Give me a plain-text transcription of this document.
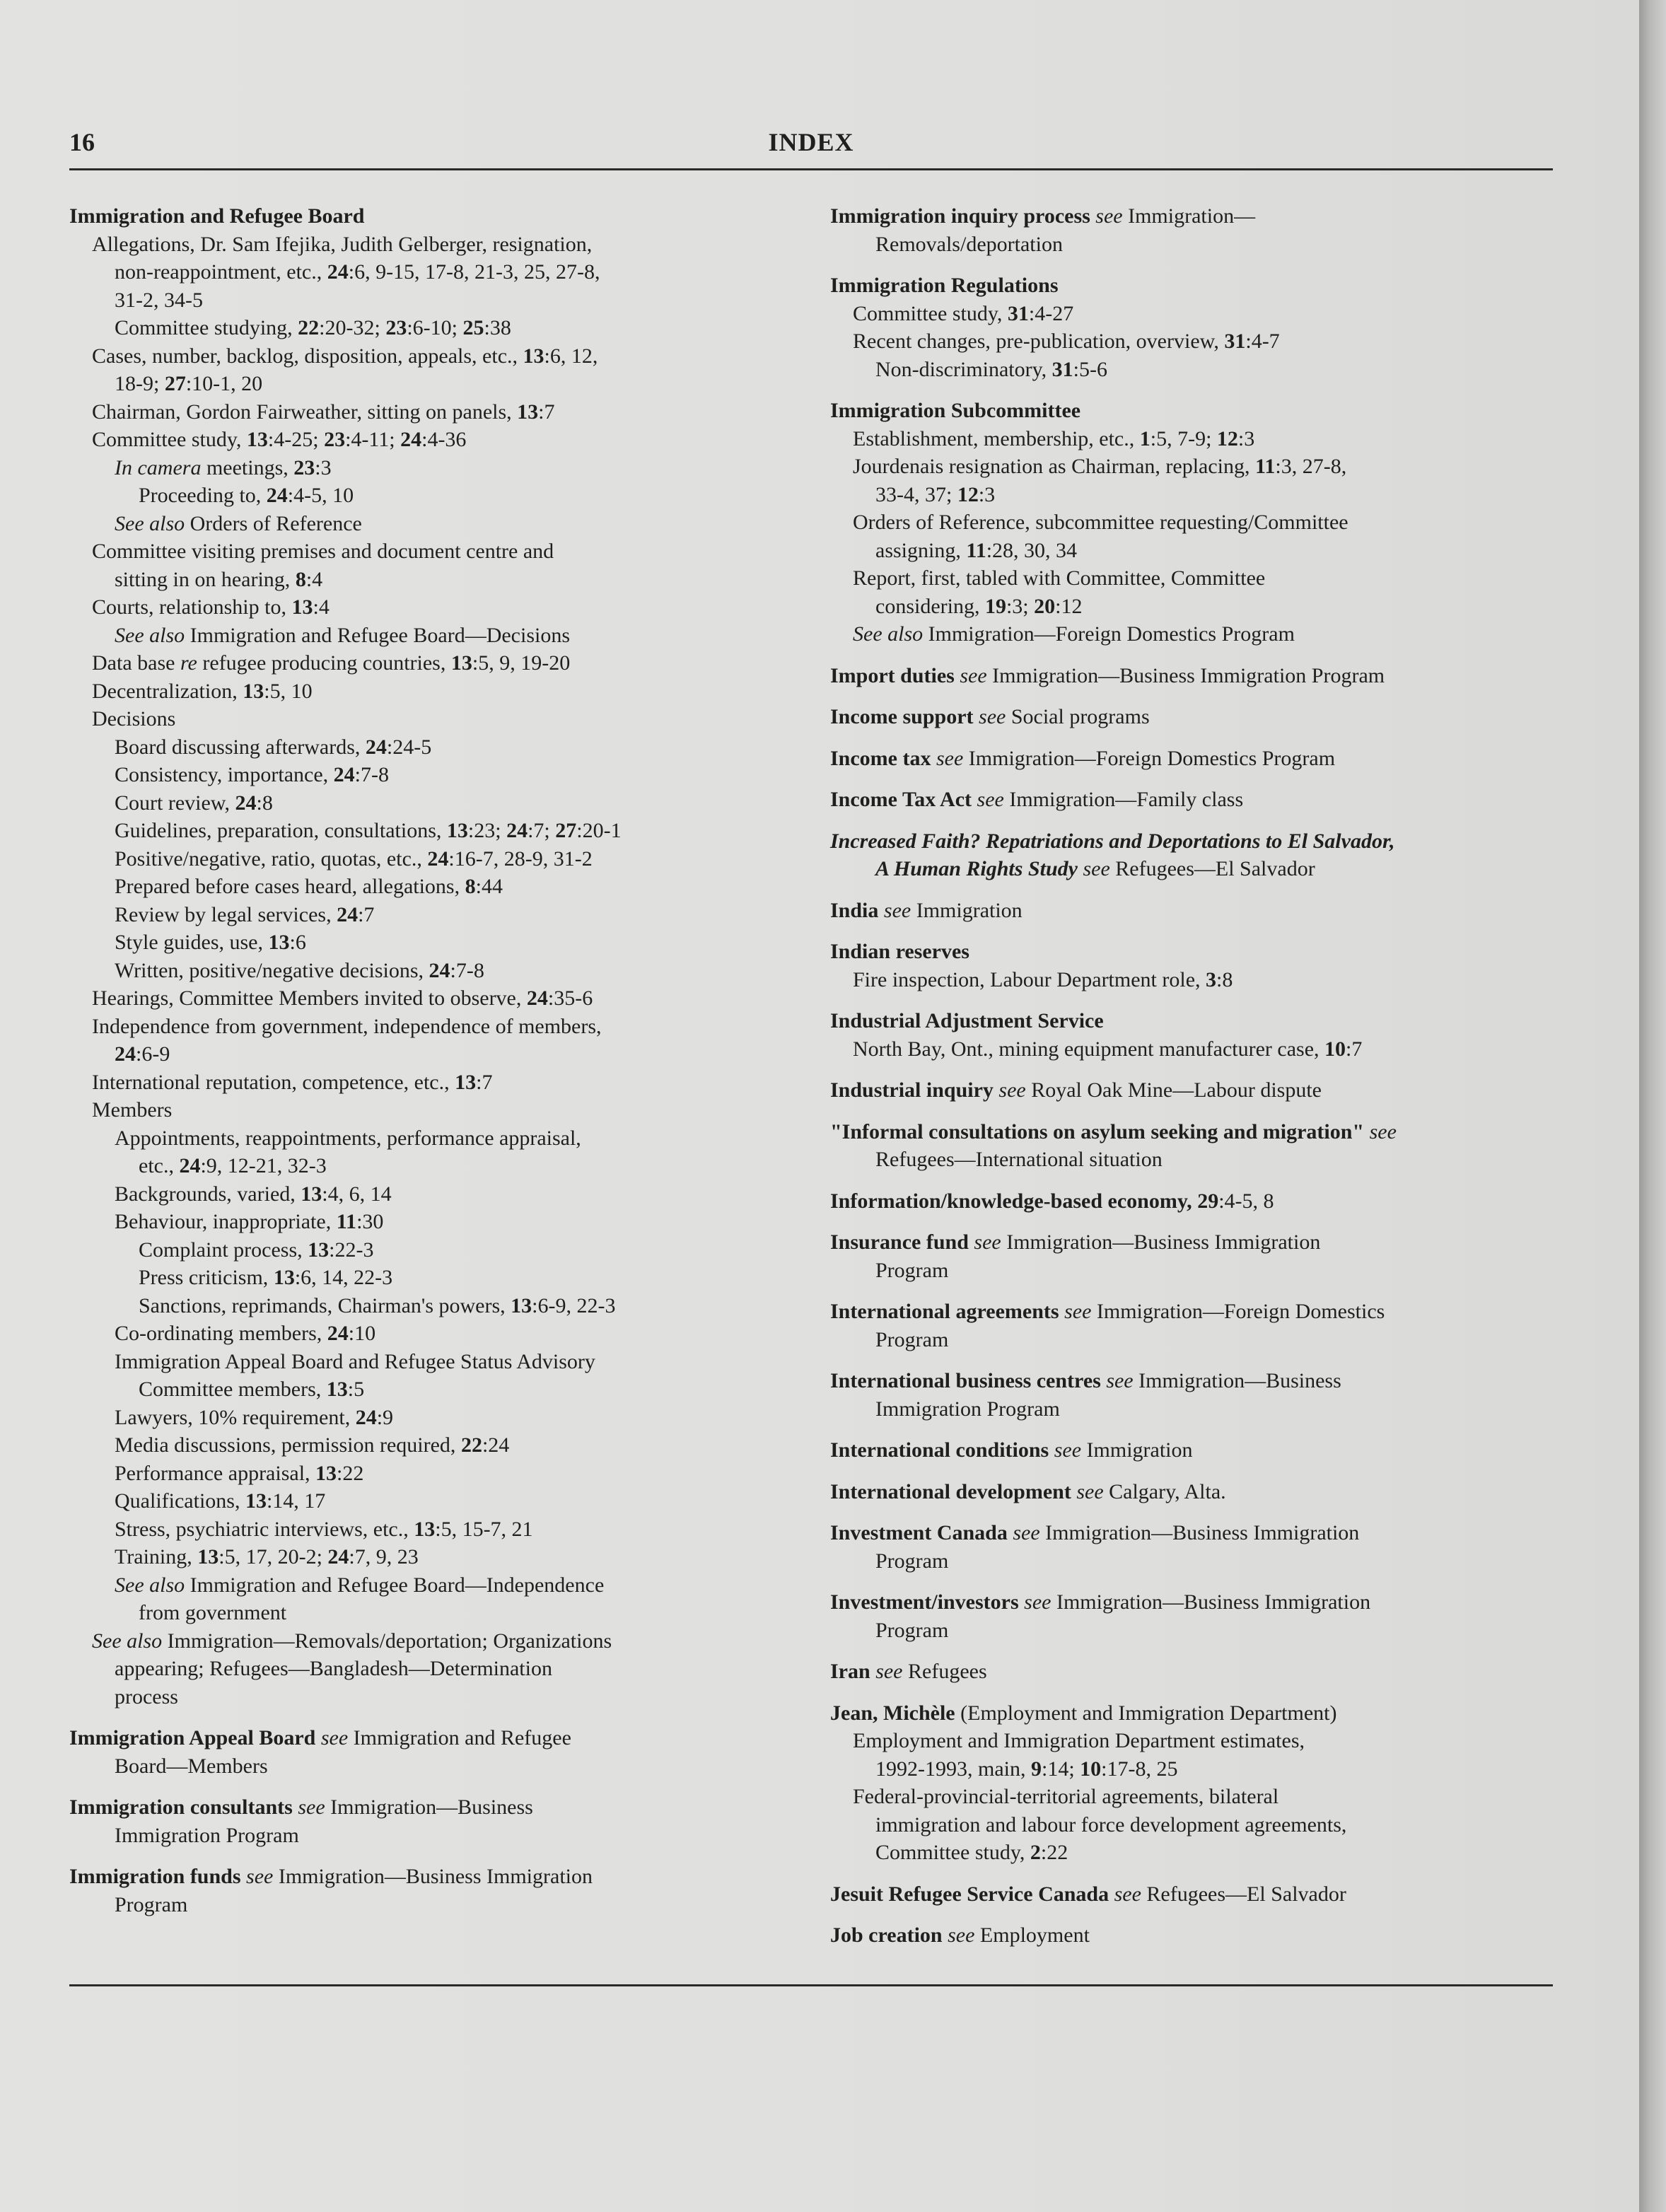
16	INDEX
Immigration and Refugee Board
Allegations, Dr. Sam Ifejika, Judith Gelberger, resignation,
non-reappointment, etc., 24:6, 9-15, 17-8, 21-3, 25, 27-8,
31-2, 34-5
Committee studying, 22:20-32; 23:6-10; 25:38
Cases, number, backlog, disposition, appeals, etc., 13:6, 12,
18-9; 27:10-1, 20
Chairman, Gordon Fairweather, sitting on panels, 13:7
Committee study, 13:4-25; 23:4-11; 24:4-36
In camera meetings, 23:3
Proceeding to, 24:4-5, 10
See also Orders of Reference
Committee visiting premises and document centre and
sitting in on hearing, 8:4
Courts, relationship to, 13:4
See also Immigration and Refugee Board—Decisions
Data base re refugee producing countries, 13:5, 9, 19-20
Decentralization, 13:5, 10
Decisions
Board discussing afterwards, 24:24-5
Consistency, importance, 24:7-8
Court review, 24:8
Guidelines, preparation, consultations, 13:23; 24:7; 27:20-1
Positive/negative, ratio, quotas, etc., 24:16-7, 28-9, 31-2
Prepared before cases heard, allegations, 8:44
Review by legal services, 24:7
Style guides, use, 13:6
Written, positive/negative decisions, 24:7-8
Hearings, Committee Members invited to observe, 24:35-6
Independence from government, independence of members,
24:6-9
International reputation, competence, etc., 13:7
Members
Appointments, reappointments, performance appraisal,
etc., 24:9, 12-21, 32-3
Backgrounds, varied, 13:4, 6, 14
Behaviour, inappropriate, 11:30
Complaint process, 13:22-3
Press criticism, 13:6, 14, 22-3
Sanctions, reprimands, Chairman's powers, 13:6-9, 22-3
Co-ordinating members, 24:10
Immigration Appeal Board and Refugee Status Advisory
Committee members, 13:5
Lawyers, 10% requirement, 24:9
Media discussions, permission required, 22:24
Performance appraisal, 13:22
Qualifications, 13:14, 17
Stress, psychiatric interviews, etc., 13:5, 15-7, 21
Training, 13:5, 17, 20-2; 24:7, 9, 23
See also Immigration and Refugee Board—Independence
from government
See also Immigration—Removals/deportation; Organizations
appearing; Refugees—Bangladesh—Determination
process
Immigration Appeal Board see Immigration and Refugee
Board—Members
Immigration consultants see Immigration—Business
Immigration Program
Immigration funds see Immigration—Business Immigration
Program
Immigration inquiry process see Immigration—
Removals/deportation
Immigration Regulations
Committee study, 31:4-27
Recent changes, pre-publication, overview, 31:4-7
Non-discriminatory, 31:5-6
Immigration Subcommittee
Establishment, membership, etc., 1:5, 7-9; 12:3
Jourdenais resignation as Chairman, replacing, 11:3, 27-8,
33-4, 37; 12:3
Orders of Reference, subcommittee requesting/Committee
assigning, 11:28, 30, 34
Report, first, tabled with Committee, Committee
considering, 19:3; 20:12
See also Immigration—Foreign Domestics Program
Import duties see Immigration—Business Immigration Program
Income support see Social programs
Income tax see Immigration—Foreign Domestics Program
Income Tax Act see Immigration—Family class
Increased Faith? Repatriations and Deportations to El Salvador,
A Human Rights Study see Refugees—El Salvador
India see Immigration
Indian reserves
Fire inspection, Labour Department role, 3:8
Industrial Adjustment Service
North Bay, Ont., mining equipment manufacturer case, 10:7
Industrial inquiry see Royal Oak Mine—Labour dispute
"Informal consultations on asylum seeking and migration" see
Refugees—International situation
Information/knowledge-based economy, 29:4-5, 8
Insurance fund see Immigration—Business Immigration
Program
International agreements see Immigration—Foreign Domestics
Program
International business centres see Immigration—Business
Immigration Program
International conditions see Immigration
International development see Calgary, Alta.
Investment Canada see Immigration—Business Immigration
Program
Investment/investors see Immigration—Business Immigration
Program
Iran see Refugees
Jean, Michèle (Employment and Immigration Department)
Employment and Immigration Department estimates,
1992-1993, main, 9:14; 10:17-8, 25
Federal-provincial-territorial agreements, bilateral
immigration and labour force development agreements,
Committee study, 2:22
Jesuit Refugee Service Canada see Refugees—El Salvador
Job creation see Employment
